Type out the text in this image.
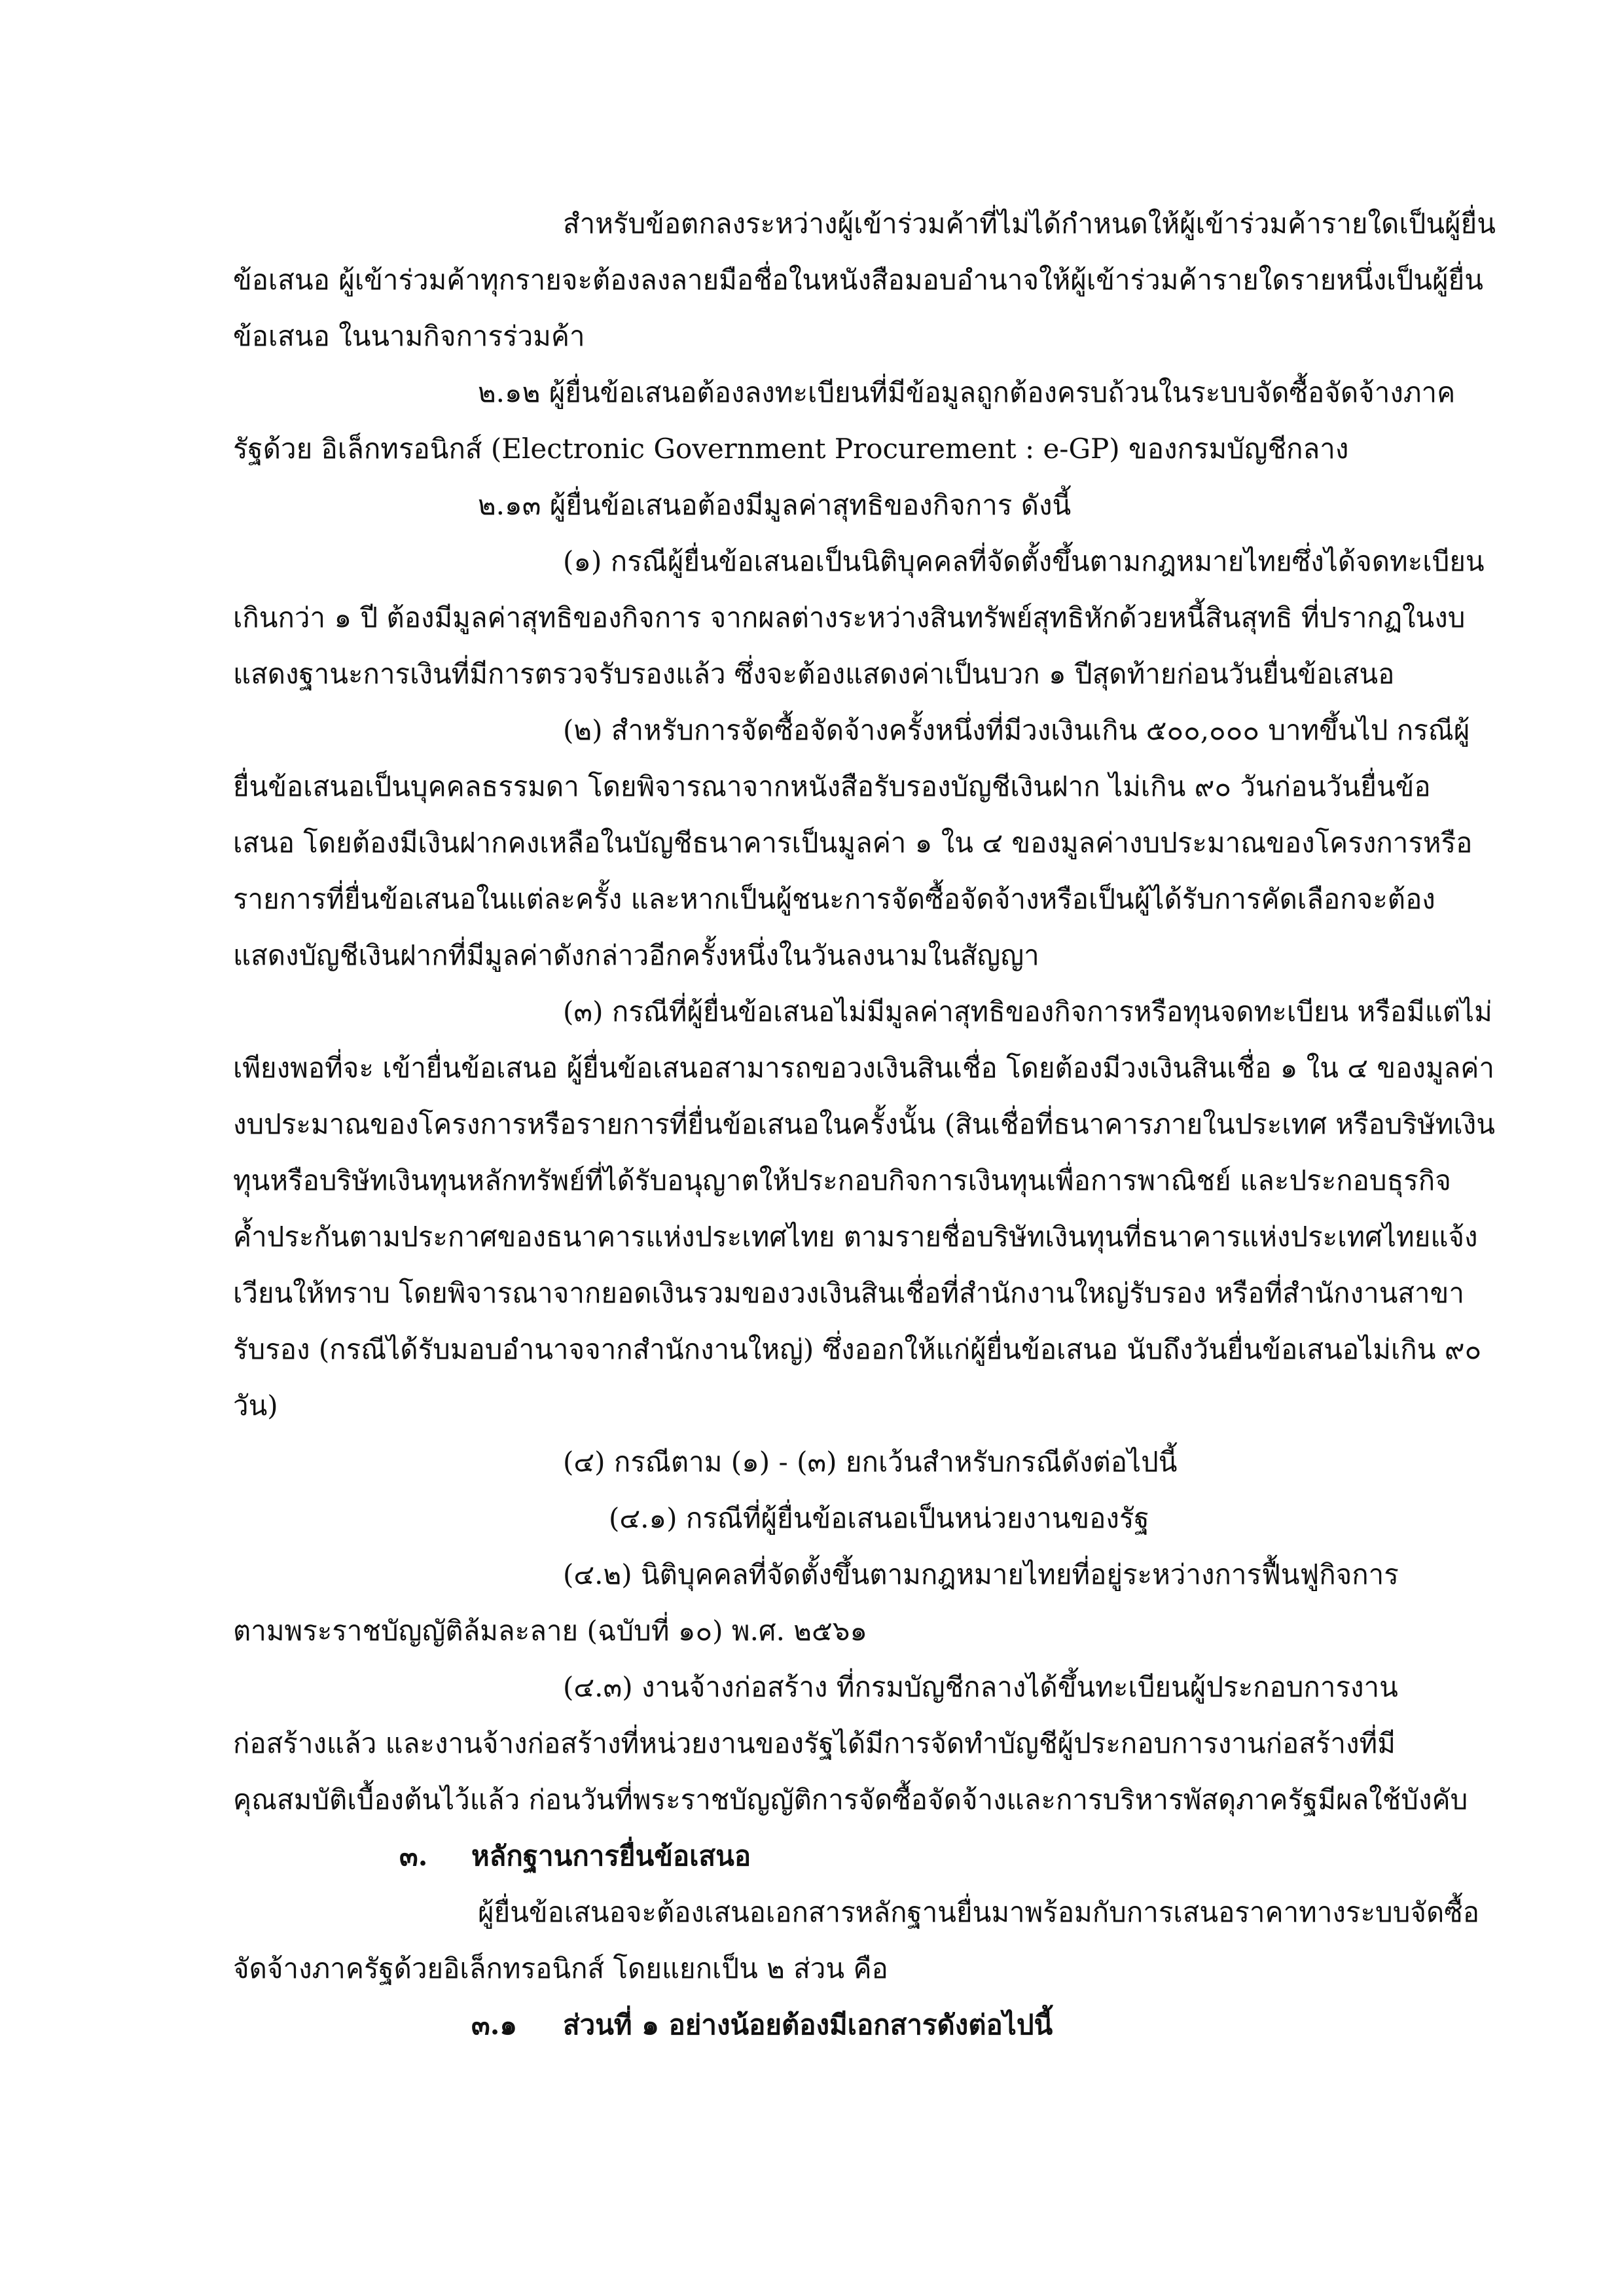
สำหรับข้อตกลงระหว่างผู้เข้าร่วมค้าที่ไม่ได้กำหนดให้ผู้เข้าร่วมค้ารายใดเป็นผู้ยื่น
ข้อเสนอ ผู้เข้าร่วมค้าทุกรายจะต้องลงลายมือชื่อในหนังสือมอบอำนาจให้ผู้เข้าร่วมค้ารายใดรายหนึ่งเป็นผู้ยื่น
ข้อเสนอ ในนามกิจการร่วมค้า
๒.๑๒ ผู้ยื่นข้อเสนอต้องลงทะเบียนที่มีข้อมูลถูกต้องครบถ้วนในระบบจัดซื้อจัดจ้างภาค
รัฐด้วย อิเล็กทรอนิกส์ (Electronic Government Procurement : e-GP) ของกรมบัญชีกลาง
๒.๑๓ ผู้ยื่นข้อเสนอต้องมีมูลค่าสุทธิของกิจการ ดังนี้
(๑) กรณีผู้ยื่นข้อเสนอเป็นนิติบุคคลที่จัดตั้งขึ้นตามกฎหมายไทยซึ่งได้จดทะเบียน
เกินกว่า ๑ ปี ต้องมีมูลค่าสุทธิของกิจการ จากผลต่างระหว่างสินทรัพย์สุทธิหักด้วยหนี้สินสุทธิ ที่ปรากฏในงบ
แสดงฐานะการเงินที่มีการตรวจรับรองแล้ว ซึ่งจะต้องแสดงค่าเป็นบวก ๑ ปีสุดท้ายก่อนวันยื่นข้อเสนอ
(๒) สำหรับการจัดซื้อจัดจ้างครั้งหนึ่งที่มีวงเงินเกิน ๕๐๐,๐๐๐ บาทขึ้นไป กรณีผู้
ยื่นข้อเสนอเป็นบุคคลธรรมดา โดยพิจารณาจากหนังสือรับรองบัญชีเงินฝาก ไม่เกิน ๙๐ วันก่อนวันยื่นข้อ
เสนอ โดยต้องมีเงินฝากคงเหลือในบัญชีธนาคารเป็นมูลค่า ๑ ใน ๔ ของมูลค่างบประมาณของโครงการหรือ
รายการที่ยื่นข้อเสนอในแต่ละครั้ง และหากเป็นผู้ชนะการจัดซื้อจัดจ้างหรือเป็นผู้ได้รับการคัดเลือกจะต้อง
แสดงบัญชีเงินฝากที่มีมูลค่าดังกล่าวอีกครั้งหนึ่งในวันลงนามในสัญญา
(๓) กรณีที่ผู้ยื่นข้อเสนอไม่มีมูลค่าสุทธิของกิจการหรือทุนจดทะเบียน หรือมีแต่ไม่
เพียงพอที่จะ เข้ายื่นข้อเสนอ ผู้ยื่นข้อเสนอสามารถขอวงเงินสินเชื่อ โดยต้องมีวงเงินสินเชื่อ ๑ ใน ๔ ของมูลค่า
งบประมาณของโครงการหรือรายการที่ยื่นข้อเสนอในครั้งนั้น (สินเชื่อที่ธนาคารภายในประเทศ หรือบริษัทเงิน
ทุนหรือบริษัทเงินทุนหลักทรัพย์ที่ได้รับอนุญาตให้ประกอบกิจการเงินทุนเพื่อการพาณิชย์ และประกอบธุรกิจ
ค้ำประกันตามประกาศของธนาคารแห่งประเทศไทย ตามรายชื่อบริษัทเงินทุนที่ธนาคารแห่งประเทศไทยแจ้ง
เวียนให้ทราบ โดยพิจารณาจากยอดเงินรวมของวงเงินสินเชื่อที่สำนักงานใหญ่รับรอง หรือที่สำนักงานสาขา
รับรอง (กรณีได้รับมอบอำนาจจากสำนักงานใหญ่) ซึ่งออกให้แก่ผู้ยื่นข้อเสนอ นับถึงวันยื่นข้อเสนอไม่เกิน ๙๐
วัน)
(๔) กรณีตาม (๑) - (๓) ยกเว้นสำหรับกรณีดังต่อไปนี้
(๔.๑) กรณีที่ผู้ยื่นข้อเสนอเป็นหน่วยงานของรัฐ
(๔.๒) นิติบุคคลที่จัดตั้งขึ้นตามกฎหมายไทยที่อยู่ระหว่างการฟื้นฟูกิจการ
ตามพระราชบัญญัติล้มละลาย (ฉบับที่ ๑๐) พ.ศ. ๒๕๖๑
(๔.๓) งานจ้างก่อสร้าง ที่กรมบัญชีกลางได้ขึ้นทะเบียนผู้ประกอบการงาน
ก่อสร้างแล้ว และงานจ้างก่อสร้างที่หน่วยงานของรัฐได้มีการจัดทำบัญชีผู้ประกอบการงานก่อสร้างที่มี
คุณสมบัติเบื้องต้นไว้แล้ว ก่อนวันที่พระราชบัญญัติการจัดซื้อจัดจ้างและการบริหารพัสดุภาครัฐมีผลใช้บังคับ
๓. หลักฐานการยื่นข้อเสนอ
ผู้ยื่นข้อเสนอจะต้องเสนอเอกสารหลักฐานยื่นมาพร้อมกับการเสนอราคาทางระบบจัดซื้อ
จัดจ้างภาครัฐด้วยอิเล็กทรอนิกส์ โดยแยกเป็น ๒ ส่วน คือ
๓.๑ ส่วนที่ ๑ อย่างน้อยต้องมีเอกสารดังต่อไปนี้
